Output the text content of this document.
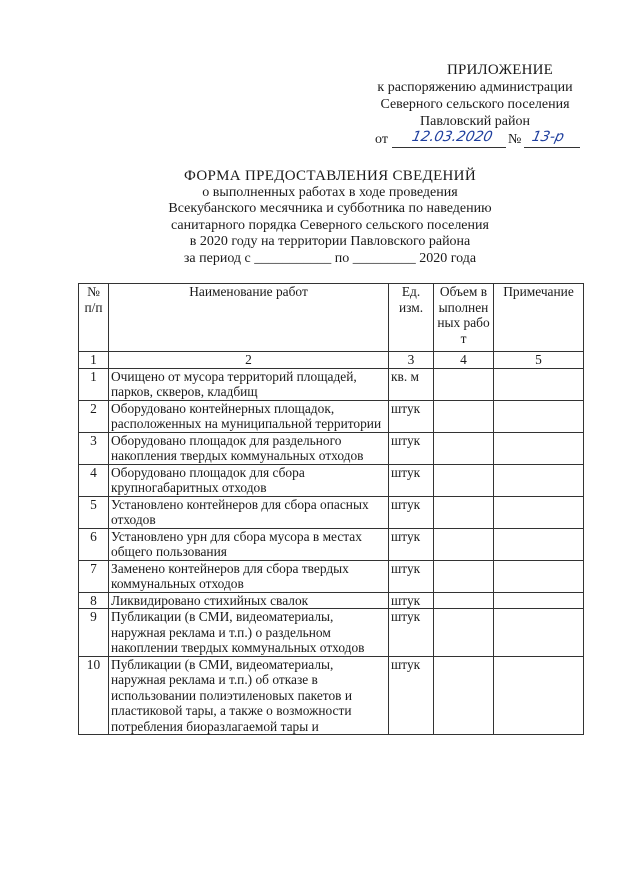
ПРИЛОЖЕНИЕ
к распоряжению администрации
Северного сельского поселения
Павловский район
от 12.03.2020 № 13-р
ФОРМА ПРЕДОСТАВЛЕНИЯ СВЕДЕНИЙ
о выполненных работах в ходе проведения
Всекубанского месячника и субботника по наведению
санитарного порядка Северного сельского поселения
в 2020 году на территории Павловского района
за период с ___________ по _________ 2020 года
№ п/п	Наименование работ	Ед. изм.	Объем выполненных работ	Примечание
1	2	3	4	5
1	Очищено от мусора территорий площадей, парков, скверов, кладбищ	кв. м		
2	Оборудовано контейнерных площадок, расположенных на муниципальной территории	штук		
3	Оборудовано площадок для раздельного накопления твердых коммунальных отходов	штук		
4	Оборудовано площадок для сбора крупногабаритных отходов	штук		
5	Установлено контейнеров для сбора опасных отходов	штук		
6	Установлено урн для сбора мусора в местах общего пользования	штук		
7	Заменено контейнеров для сбора твердых коммунальных отходов	штук		
8	Ликвидировано стихийных свалок	штук		
9	Публикации (в СМИ, видеоматериалы, наружная реклама и т.п.) о раздельном накоплении твердых коммунальных отходов	штук		
10	Публикации (в СМИ, видеоматериалы, наружная реклама и т.п.) об отказе в использовании полиэтиленовых пакетов и пластиковой тары, а также о возможности потребления биоразлагаемой тары и	штук		
